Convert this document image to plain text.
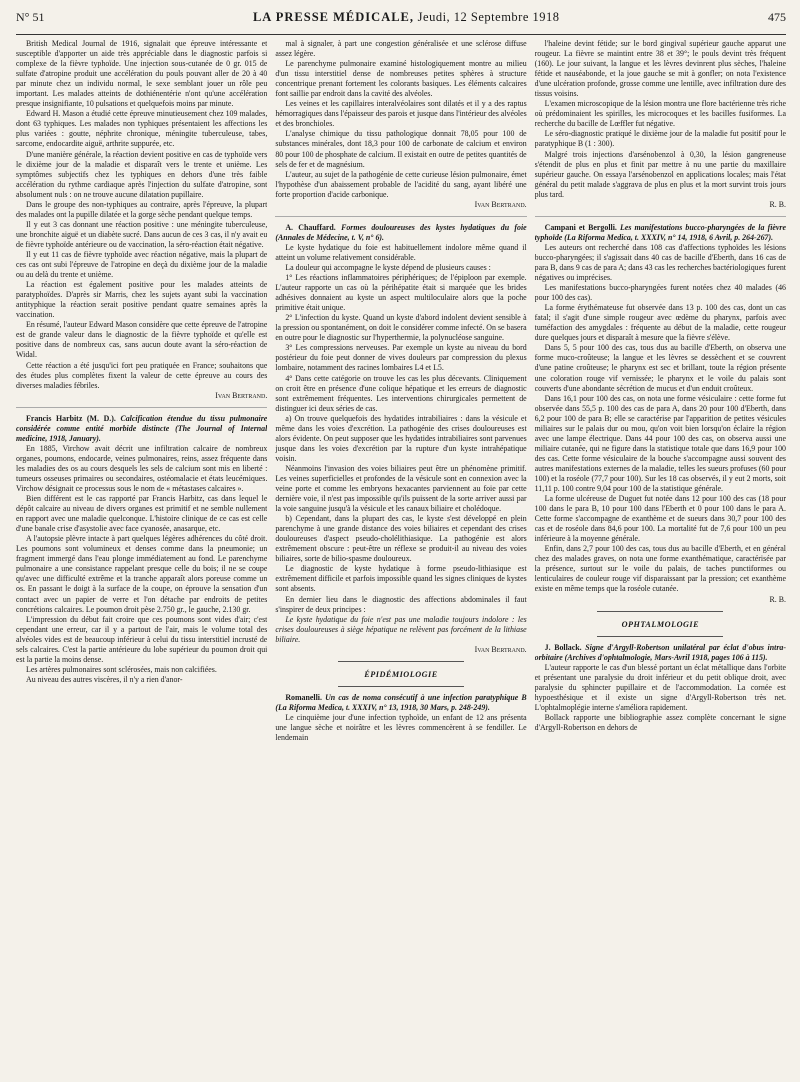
N° 51	LA PRESSE MÉDICALE, Jeudi, 12 Septembre 1918	475

British Medical Journal de 1916, signalait que épreuve intéressante et susceptible d'apporter un aide très appréciable dans le diagnostic parfois si complexe de la fièvre typhoïde. Une injection sous-cutanée de 0 gr. 015 de sulfate d'atropine produit une accélération du pouls pouvant aller de 20 à 40 par minute chez un individu normal, le sexe semblant jouer un rôle peu important. Les malades atteints de dothiénentérie n'ont qu'une accélération presque insignifiante, 10 pulsations et quelquefois moins par minute.

Edward H. Mason a étudié cette épreuve minutieusement chez 109 malades, dont 63 typhiques. Les malades non typhiques présentaient les affections les plus variées : goutte, néphrite chronique, méningite tuberculeuse, tabes, sarcome, endocardite aiguë, arthrite suppurée, etc.

D'une manière générale, la réaction devient positive en cas de typhoïde vers le dixième jour de la maladie et disparaît vers le trente et unième. Les symptômes subjectifs chez les typhiques en dehors d'une très faible accélération du rythme cardiaque après l'injection du sulfate d'atropine, sont absolument nuls : on ne trouve aucune dilatation pupillaire.

Dans le groupe des non-typhiques au contraire, après l'épreuve, la plupart des malades ont la pupille dilatée et la gorge sèche pendant quelque temps.

Il y eut 3 cas donnant une réaction positive : une méningite tuberculeuse, une bronchite aiguë et un diabète sucré. Dans aucun de ces 3 cas, il n'y avait eu de fièvre typhoïde antérieure ou de vaccination, la séro-réaction était négative.

Il y eut 11 cas de fièvre typhoïde avec réaction négative, mais la plupart de ces cas ont subi l'épreuve de l'atropine en deçà du dixième jour de la maladie ou au delà du trente et unième.

La réaction est également positive pour les malades atteints de paratyphoïdes. D'après sir Marris, chez les sujets ayant subi la vaccination antityphique la réaction serait positive pendant quatre semaines après la vaccination.

En résumé, l'auteur Edward Mason considère que cette épreuve de l'atropine est de grande valeur dans le diagnostic de la fièvre typhoïde et qu'elle est positive dans de nombreux cas, sans aucun doute avant la séro-réaction de Widal.

Cette réaction a été jusqu'ici fort peu pratiquée en France; souhaitons que des études plus complètes fixent la valeur de cette épreuve au cours des diverses maladies fébriles.

Ivan Bertrand.

Francis Harbitz (M. D.). Calcification étendue du tissu pulmonaire considérée comme entité morbide distincte (The Journal of Internal medicine, 1918, January).

En 1885, Virchow avait décrit une infiltration calcaire de nombreux organes, poumons, endocarde, veines pulmonaires, reins, assez fréquente dans les maladies des os au cours desquels les sels de calcium sont mis en liberté : tumeurs osseuses primaires ou secondaires, ostéomalacie et états leucémiques. Virchow désignait ce processus sous le nom de « métastases calcaires ».

Bien différent est le cas rapporté par Francis Harbitz, cas dans lequel le dépôt calcaire au niveau de divers organes est primitif et ne semble nullement en rapport avec une maladie quelconque. L'histoire clinique de ce cas est celle d'une banale crise d'asystolie avec face cyanosée, anasarque, etc.

A l'autopsie plèvre intacte à part quelques légères adhérences du côté droit. Les poumons sont volumineux et denses comme dans la pneumonie; un fragment immergé dans l'eau plonge immédiatement au fond. Le parenchyme pulmonaire a une consistance rappelant presque celle du bois; il ne se coupe qu'avec une difficulté extrême et la tranche apparaît alors poreuse comme un os. En passant le doigt à la surface de la coupe, on éprouve la sensation d'un contact avec un papier de verre et l'on détache par endroits de petites concrétions calcaires. Le poumon droit pèse 2.750 gr., le gauche, 2.130 gr.

L'impression du début fait croire que ces poumons sont vides d'air; c'est cependant une erreur, car il y a partout de l'air, mais le volume total des alvéoles vides est de beaucoup inférieur à celui du tissu interstitiel incrusté de sels calcaires. C'est la partie antérieure du lobe supérieur du poumon droit qui est la partie la moins dense.

Les artères pulmonaires sont sclérosées, mais non calcifiées.

Au niveau des autres viscères, il n'y a rien d'anor-

mal à signaler, à part une congestion généralisée et une sclérose diffuse assez légère.

Le parenchyme pulmonaire examiné histologiquement montre au milieu d'un tissu interstitiel dense de nombreuses petites sphères à structure concentrique prenant fortement les colorants basiques. Les éléments calcaires font saillie par endroit dans la cavité des alvéoles.

Les veines et les capillaires interalvéolaires sont dilatés et il y a des raptus hémorragiques dans l'épaisseur des parois et jusque dans l'intérieur des alvéoles et des bronchioles.

L'analyse chimique du tissu pathologique donnait 78,05 pour 100 de substances minérales, dont 18,3 pour 100 de carbonate de calcium et environ 80 pour 100 de phosphate de calcium. Il existait en outre de petites quantités de sels de fer et de magnésium.

L'auteur, au sujet de la pathogénie de cette curieuse lésion pulmonaire, émet l'hypothèse d'un abaissement probable de l'acidité du sang, ayant libéré une forte proportion d'acide carbonique.

Ivan Bertrand.

A. Chauffard. Formes douloureuses des kystes hydatiques du foie (Annales de Médecine, t. V, n° 6).

Le kyste hydatique du foie est habituellement indolore même quand il atteint un volume relativement considérable.

La douleur qui accompagne le kyste dépend de plusieurs causes :

1° Les réactions inflammatoires périphériques; de l'épiploon par exemple. L'auteur rapporte un cas où la périhépatite était si marquée que les brides adhésives donnaient au kyste un aspect multiloculaire alors que la poche primitive était unique.

2° L'infection du kyste. Quand un kyste d'abord indolent devient sensible à la pression ou spontanément, on doit le considérer comme infecté. On se basera en outre pour le diagnostic sur l'hyperthermie, la polynucléose sanguine.

3° Les compressions nerveuses. Par exemple un kyste au niveau du bord postérieur du foie peut donner de vives douleurs par compression du plexus lombaire, notamment des racines lombaires L4 et L5.

4° Dans cette catégorie on trouve les cas les plus décevants. Cliniquement on croit être en présence d'une colique hépatique et les erreurs de diagnostic sont extrêmement fréquentes. Les interventions chirurgicales permettent de distinguer ici deux séries de cas.

a) On trouve quelquefois des hydatides intrabiliaires : dans la vésicule et même dans les voies d'excrétion. La pathogénie des crises douloureuses est alors évidente. On peut supposer que les hydatides intrabiliaires sont parvenues jusque dans les voies d'excrétion par la rupture d'un kyste intrahépatique voisin.

Néanmoins l'invasion des voies biliaires peut être un phénomène primitif. Les veines superficielles et profondes de la vésicule sont en connexion avec la veine porte et comme les embryons hexacantes parviennent au foie par cette dernière voie, il n'est pas impossible qu'ils puissent de la sorte arriver aussi par la voie sanguine jusqu'à la vésicule et les canaux biliaire et cholédoque.

b) Cependant, dans la plupart des cas, le kyste s'est développé en plein parenchyme à une grande distance des voies biliaires et cependant des crises douloureuses d'aspect pseudo-cholélithiasique. La pathogénie est alors extrêmement obscure : peut-être un réflexe se produit-il au niveau des voies biliaires, sorte de bilio-spasme douloureux.

Le diagnostic de kyste hydatique à forme pseudo-lithiasique est extrêmement difficile et parfois impossible quand les signes cliniques de kystes sont absents.

En dernier lieu dans le diagnostic des affections abdominales il faut s'inspirer de deux principes :

Le kyste hydatique du foie n'est pas une maladie toujours indolore : les crises douloureuses à siège hépatique ne relèvent pas forcément de la lithiase biliaire.

Ivan Bertrand.

ÉPIDÉMIOLOGIE

Romanelli. Un cas de noma consécutif à une infection paratyphique B (La Riforma Medica, t. XXXIV, n° 13, 1918, 30 Mars, p. 248-249).

Le cinquième jour d'une infection typhoïde, un enfant de 12 ans présenta une langue sèche et noirâtre et les lèvres commencèrent à se fendiller. Le lendemain

l'haleine devint fétide; sur le bord gingival supérieur gauche apparut une rougeur. La fièvre se maintint entre 38 et 39°; le pouls devint très fréquent (160). Le jour suivant, la langue et les lèvres devinrent plus sèches, l'haleine fétide et nauséabonde, et la joue gauche se mit à gonfler; on nota l'existence d'une ulcération profonde, grosse comme une lentille, avec infiltration dure des tissus voisins.

L'examen microscopique de la lésion montra une flore bactérienne très riche où prédominaient les spirilles, les microcoques et les bacilles fusiformes. La recherche du bacille de Lœffler fut négative.

Le séro-diagnostic pratiqué le dixième jour de la maladie fut positif pour le paratyphique B (1 : 300).

Malgré trois injections d'arsénobenzol à 0,30, la lésion gangreneuse s'étendit de plus en plus et finit par mettre à nu une partie du maxillaire supérieur gauche. On essaya l'arsénobenzol en applications locales; mais l'état général du petit malade s'aggrava de plus en plus et la mort survint trois jours plus tard.

R. B.

Campani et Bergolli. Les manifestations bucco-pharyngées de la fièvre typhoïde (La Riforma Medica, t. XXXIV, n° 14, 1918, 6 Avril, p. 264-267).

Les auteurs ont recherché dans 108 cas d'affections typhoïdes les lésions bucco-pharyngées; il s'agissait dans 40 cas de bacille d'Eberth, dans 16 cas de para B, dans 9 cas de para A; dans 43 cas les recherches bactériologiques furent négatives ou imprécises.

Les manifestations bucco-pharyngées furent notées chez 40 malades (46 pour 100 des cas).

La forme érythémateuse fut observée dans 13 p. 100 des cas, dont un cas fatal; il s'agit d'une simple rougeur avec œdème du pharynx, parfois avec tuméfaction des amygdales : fréquente au début de la maladie, cette rougeur dure quelques jours et disparaît à mesure que la fièvre s'élève.

Dans 5, 5 pour 100 des cas, tous dus au bacille d'Eberth, on observa une forme muco-croûteuse; la langue et les lèvres se dessèchent et se couvrent d'une patine croûteuse; le pharynx est sec et brillant, toute la région présente une coloration rouge vif vernissée; le pharynx et le voile du palais sont couverts d'une abondante sécrétion de mucus et d'un enduit croûteux.

Dans 16,1 pour 100 des cas, on nota une forme vésiculaire : cette forme fut observée dans 55,5 p. 100 des cas de para A, dans 20 pour 100 d'Eberth, dans 6,2 pour 100 de para B; elle se caractérise par l'apparition de petites vésicules miliaires sur le palais dur ou mou, qu'on voit bien lorsqu'on éclaire la région avec une lampe électrique. Dans 44 pour 100 des cas, on observa aussi une miliaire cutanée, qui ne figure dans la statistique totale que dans 16,9 pour 100 des cas. Cette forme vésiculaire de la bouche s'accompagne aussi souvent des autres manifestations externes de la maladie, telles les sueurs profuses (60 pour 100) et la roséole (77,7 pour 100). Sur les 18 cas observés, il y eut 2 morts, soit 11,11 p. 100 contre 9,04 pour 100 de la statistique générale.

La forme ulcéreuse de Duguet fut notée dans 12 pour 100 des cas (18 pour 100 dans le para B, 10 pour 100 dans l'Eberth et 0 pour 100 dans le para A. Cette forme s'accompagne de exanthème et de sueurs dans 30,7 pour 100 des cas et de roséole dans 84,6 pour 100. La mortalité fut de 7,6 pour 100 un peu inférieure à la moyenne générale.

Enfin, dans 2,7 pour 100 des cas, tous dus au bacille d'Eberth, et en général chez des malades graves, on nota une forme exanthématique, caractérisée par la présence, surtout sur le voile du palais, de taches punctiformes ou lenticulaires de couleur rouge vif disparaissant par la pression; cet exanthème existe en même temps que la roséole cutanée.

R. B.

OPHTALMOLOGIE

J. Bollack. Signe d'Argyll-Robertson unilatéral par éclat d'obus intra-orbitaire (Archives d'ophtalmologie, Mars-Avril 1918, pages 106 à 115).

L'auteur rapporte le cas d'un blessé portant un éclat métallique dans l'orbite et présentant une paralysie du droit inférieur et du petit oblique droit, avec paralysie du sphincter pupillaire et de l'accommodation. La cornée est hypoesthésique et il existe un signe d'Argyll-Robertson très net. L'ophtalmoplégie interne s'améliora rapidement.

Bollack rapporte une bibliographie assez complète concernant le signe d'Argyll-Robertson en dehors de
